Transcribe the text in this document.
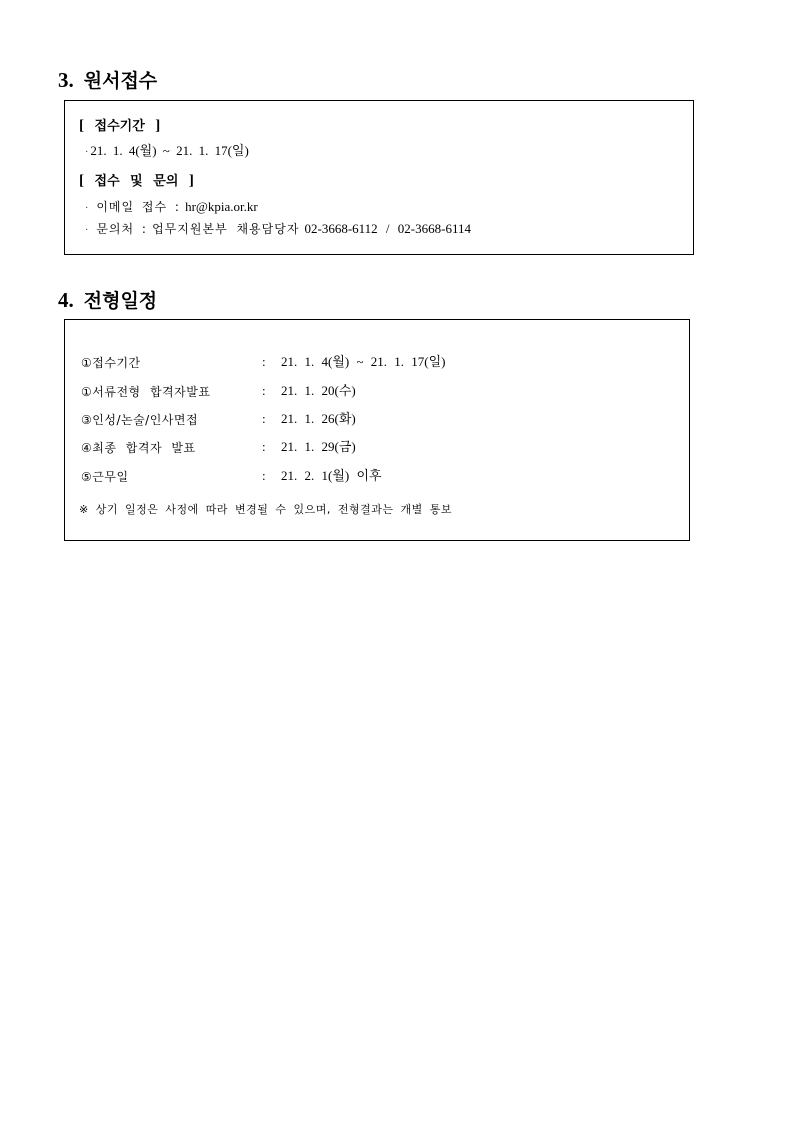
3. 원서접수
[ 접수기간 ]
· 21. 1. 4(월) ~ 21. 1. 17(일)
[ 접수 및 문의 ]
· 이메일 접수 : hr@kpia.or.kr
· 문의처 : 업무지원본부 채용담당자 02-3668-6112 / 02-3668-6114
4. 전형일정
①접수기간	: 21. 1. 4(월) ~ 21. 1. 17(일)
①서류전형 합격자발표	: 21. 1. 20(수)
③인성/논술/인사면접	: 21. 1. 26(화)
④최종 합격자 발표	: 21. 1. 29(금)
⑤근무일	: 21. 2. 1(월) 이후
※ 상기 일정은 사정에 따라 변경될 수 있으며, 전형결과는 개별 통보
